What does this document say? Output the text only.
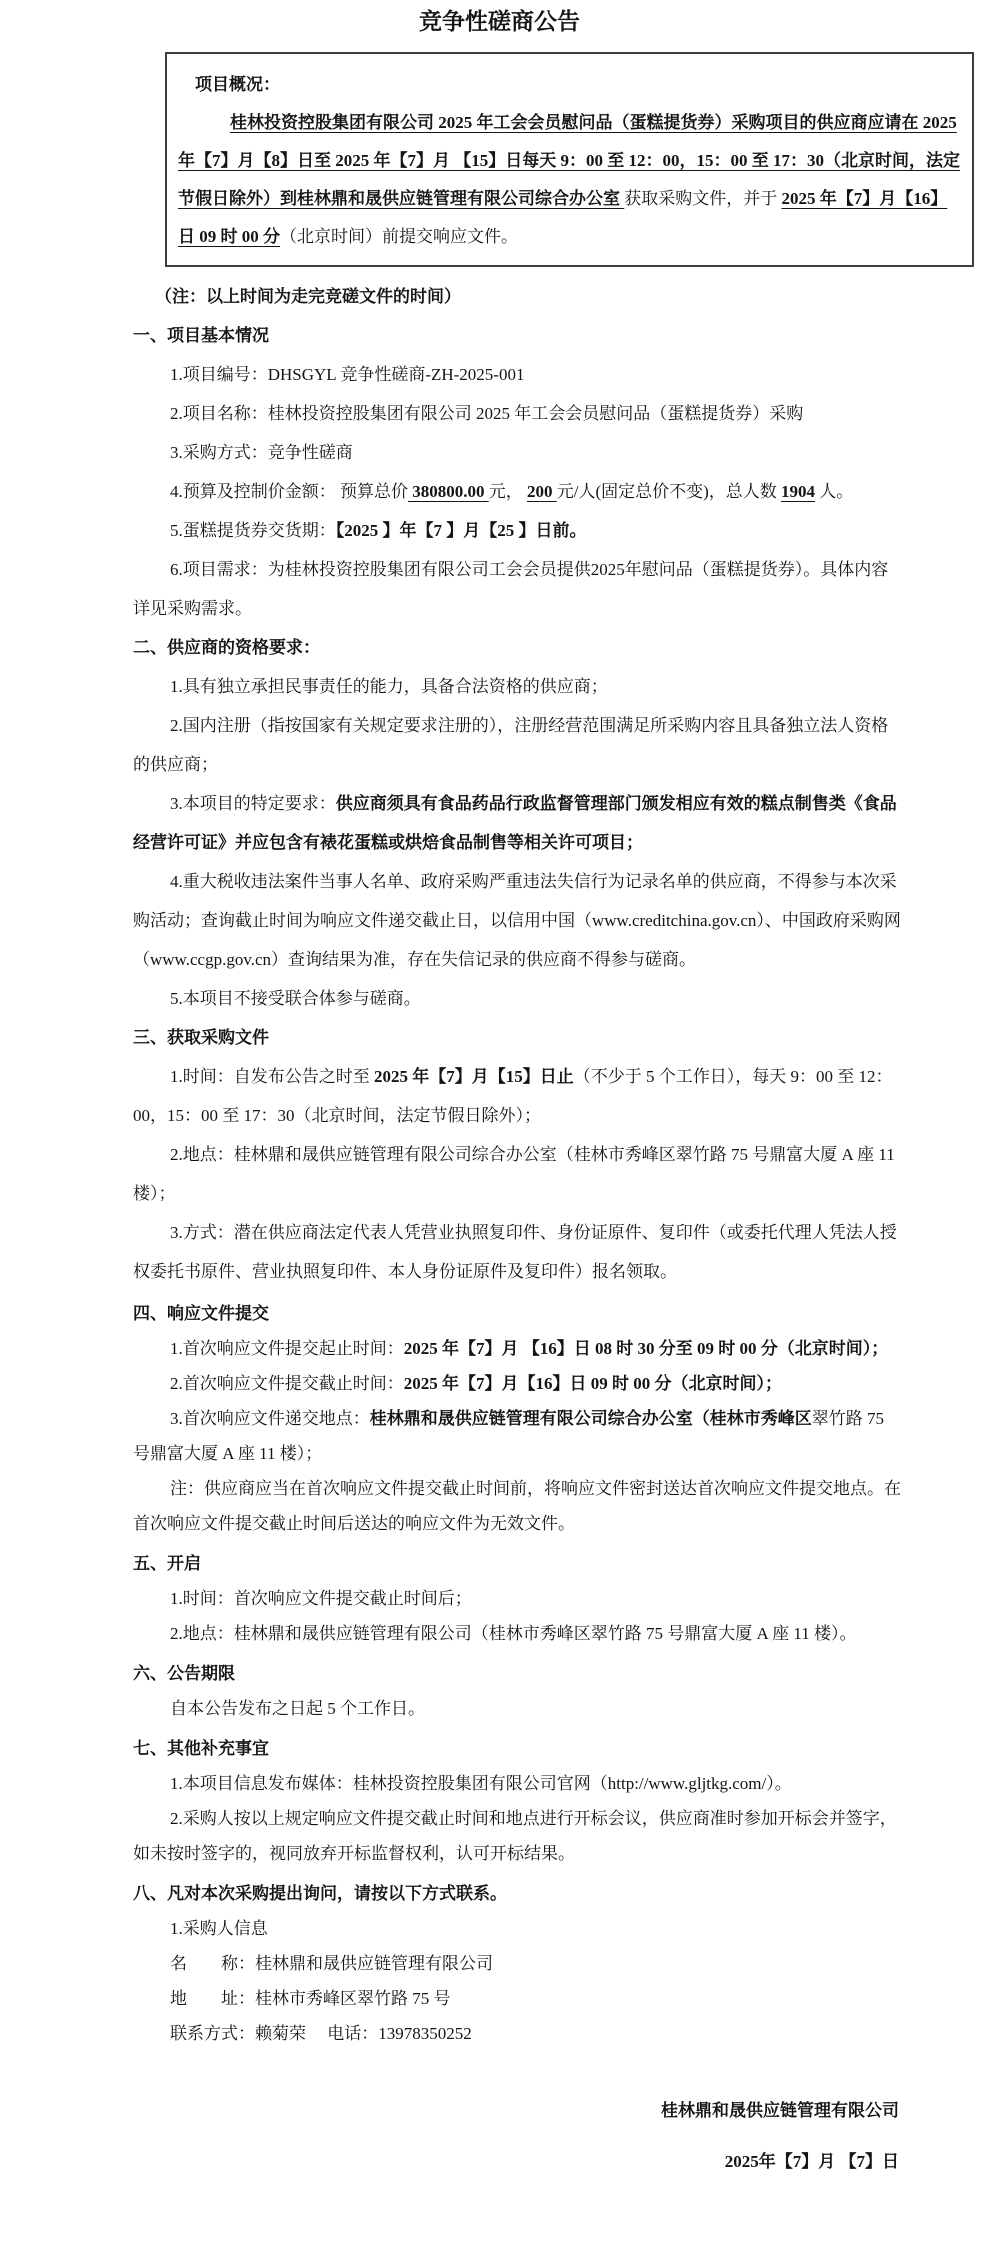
竞争性磋商公告

项目概况：

桂林投资控股集团有限公司 2025 年工会会员慰问品（蛋糕提货券）采购项目的供应商应请在 2025 年【7】月【8】日至 2025 年【7】月 【15】日每天 9：00 至 12：00，15：00 至 17：30（北京时间，法定节假日除外）到桂林鼎和晟供应链管理有限公司综合办公室 获取采购文件，并于 2025 年【7】月【16】日 09 时 00 分（北京时间）前提交响应文件。

（注：以上时间为走完竞磋文件的时间）

一、项目基本情况

1.项目编号：DHSGYL 竞争性磋商-ZH-2025-001

2.项目名称：桂林投资控股集团有限公司 2025 年工会会员慰问品（蛋糕提货券）采购

3.采购方式：竞争性磋商

4.预算及控制价金额： 预算总价 380800.00 元， 200 元/人(固定总价不变)，总人数 1904 人。

5.蛋糕提货券交货期：【2025 】年【7 】月【25 】日前。

6.项目需求：为桂林投资控股集团有限公司工会会员提供2025年慰问品（蛋糕提货券）。具体内容详见采购需求。

二、供应商的资格要求：

1.具有独立承担民事责任的能力，具备合法资格的供应商；

2.国内注册（指按国家有关规定要求注册的），注册经营范围满足所采购内容且具备独立法人资格的供应商；

3.本项目的特定要求：供应商须具有食品药品行政监督管理部门颁发相应有效的糕点制售类《食品经营许可证》并应包含有裱花蛋糕或烘焙食品制售等相关许可项目；

4.重大税收违法案件当事人名单、政府采购严重违法失信行为记录名单的供应商，不得参与本次采购活动；查询截止时间为响应文件递交截止日，以信用中国（www.creditchina.gov.cn）、中国政府采购网（www.ccgp.gov.cn）查询结果为准，存在失信记录的供应商不得参与磋商。

5.本项目不接受联合体参与磋商。

三、获取采购文件

1.时间：自发布公告之时至 2025 年【7】月【15】日止（不少于 5 个工作日），每天 9：00 至 12：00，15：00 至 17：30（北京时间，法定节假日除外）；

2.地点：桂林鼎和晟供应链管理有限公司综合办公室（桂林市秀峰区翠竹路 75 号鼎富大厦 A 座 11 楼）；

3.方式：潜在供应商法定代表人凭营业执照复印件、身份证原件、复印件（或委托代理人凭法人授权委托书原件、营业执照复印件、本人身份证原件及复印件）报名领取。

四、响应文件提交

1.首次响应文件提交起止时间：2025 年【7】月 【16】日 08 时 30 分至 09 时 00 分（北京时间）；

2.首次响应文件提交截止时间：2025 年【7】月【16】日 09 时 00 分（北京时间）；

3.首次响应文件递交地点：桂林鼎和晟供应链管理有限公司综合办公室（桂林市秀峰区翠竹路 75 号鼎富大厦 A 座 11 楼）；

注：供应商应当在首次响应文件提交截止时间前，将响应文件密封送达首次响应文件提交地点。在首次响应文件提交截止时间后送达的响应文件为无效文件。

五、开启

1.时间：首次响应文件提交截止时间后；

2.地点：桂林鼎和晟供应链管理有限公司（桂林市秀峰区翠竹路 75 号鼎富大厦 A 座 11 楼）。

六、公告期限

自本公告发布之日起 5 个工作日。

七、其他补充事宜

1.本项目信息发布媒体：桂林投资控股集团有限公司官网（http://www.gljtkg.com/）。

2.采购人按以上规定响应文件提交截止时间和地点进行开标会议，供应商准时参加开标会并签字，如未按时签字的，视同放弃开标监督权利，认可开标结果。

八、凡对本次采购提出询问，请按以下方式联系。

1.采购人信息

名　　称：桂林鼎和晟供应链管理有限公司

地　　址：桂林市秀峰区翠竹路 75 号

联系方式：赖菊荣　 电话：13978350252

桂林鼎和晟供应链管理有限公司
2025年【7】月 【7】日
